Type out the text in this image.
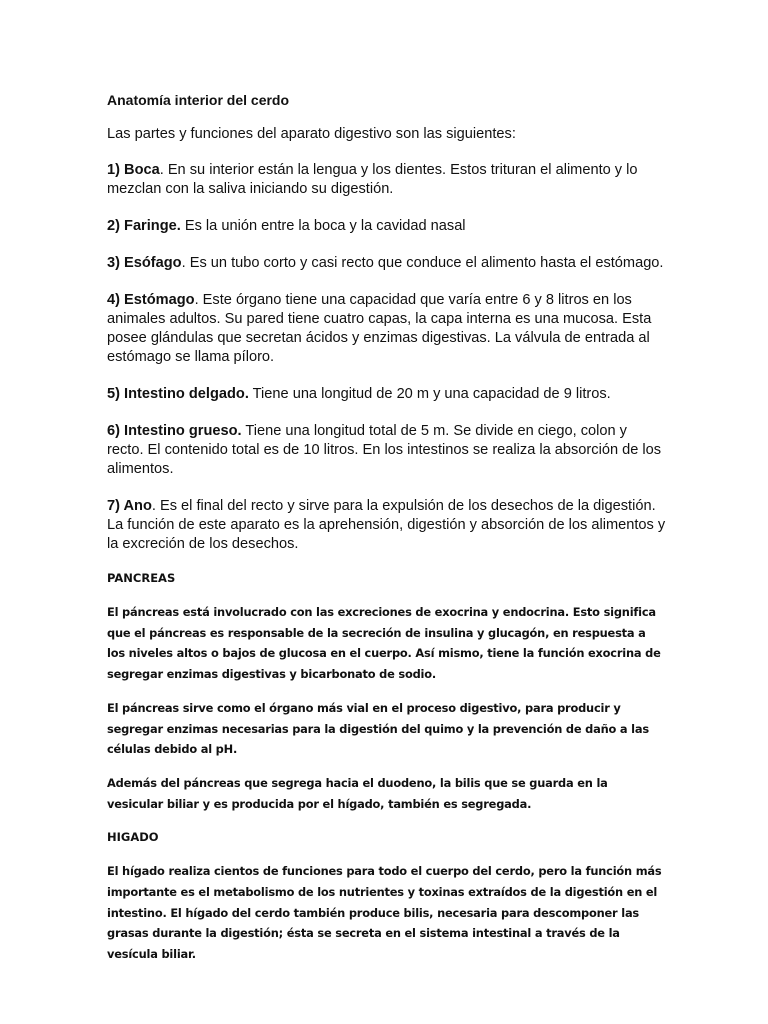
Anatomía interior del cerdo
Las partes y funciones del aparato digestivo son las siguientes:
1) Boca. En su interior están la lengua y los dientes. Estos trituran el alimento y lo mezclan con la saliva iniciando su digestión.
2) Faringe. Es la unión entre la boca y la cavidad nasal
3) Esófago. Es un tubo corto y casi recto que conduce el alimento hasta el estómago.
4) Estómago. Este órgano tiene una capacidad que varía entre 6 y 8 litros en los animales adultos. Su pared tiene cuatro capas, la capa interna es una mucosa. Esta posee glándulas que secretan ácidos y enzimas digestivas. La válvula de entrada al estómago se llama píloro.
5) Intestino delgado. Tiene una longitud de 20 m y una capacidad de 9 litros.
6) Intestino grueso. Tiene una longitud total de 5 m. Se divide en ciego, colon y recto. El contenido total es de 10 litros. En los intestinos se realiza la absorción de los alimentos.
7) Ano. Es el final del recto y sirve para la expulsión de los desechos de la digestión. La función de este aparato es la aprehensión, digestión y absorción de los alimentos y la excreción de los desechos.
PANCREAS
El páncreas está involucrado con las excreciones de exocrina y endocrina. Esto significa que el páncreas es responsable de la secreción de insulina y glucagón, en respuesta a los niveles altos o bajos de glucosa en el cuerpo. Así mismo, tiene la función exocrina de segregar enzimas digestivas y bicarbonato de sodio.
El páncreas sirve como el órgano más vial en el proceso digestivo, para producir y segregar enzimas necesarias para la digestión del quimo y la prevención de daño a las células debido al pH.
Además del páncreas que segrega hacia el duodeno, la bilis que se guarda en la vesicular biliar y es producida por el hígado, también es segregada.
HIGADO
El hígado realiza cientos de funciones para todo el cuerpo del cerdo, pero la función más importante es el metabolismo de los nutrientes y toxinas extraídos de la digestión en el intestino. El hígado del cerdo también produce bilis, necesaria para descomponer las grasas durante la digestión; ésta se secreta en el sistema intestinal a través de la vesícula biliar.
